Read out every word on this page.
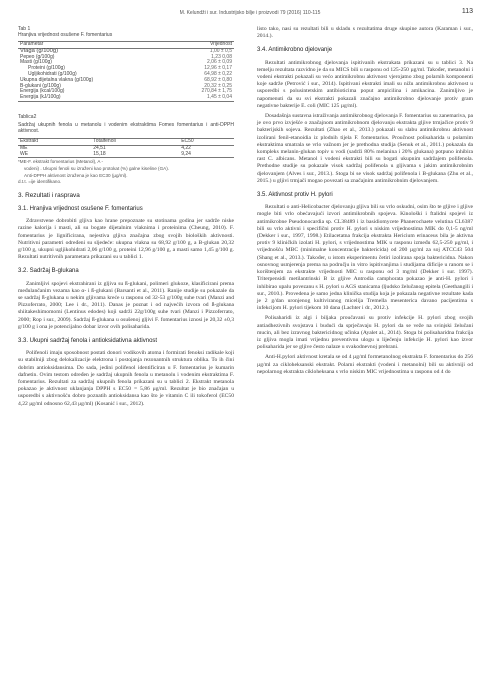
M. Kelundži i sur. Industrijsko bilje i proizvodi 79 (2016) 110-115	113

Tab 1

Hranjiva vrijednost osušene F. fomentarius

Parametar	Vrijednost
Vlaga (g/100g)	1,00 ± 0,5
Pepeo (g/100g)	1,23 0,08
Masti (g/100g)	2,06 ± 0,09
Proteini (g/100g)	12,96 ± 0,17
Ugljikohidrati (g/100g)	64,98 ± 0,22
Ukupna dijetalna vlakna (g/100g)	68,92 ± 0,80
B-glukani (g/100g)	20,32 ± 0,25
Energija (kcal/100g)	270,84 ± 1,75
Energija (kJ/100g)	1,45 ± 0,04

Tablica2

Sadržaj ukupnih fenola u metanolu i vodenim ekstraktima Fomes fomentarius i anti-DPPH aktivnost.

Ekstrakt	Totalfenoli	EC50
ME	24,51	4,22
WE	15,18	9,24

*ME-F. ekstrakt fomentarius (Metanol), A -

vodeni) . Ukupni fenoli su izraženi kao protokat (%) galne kiseline (GA).

Anti-DPPH aktivnost izražena je kao EC30 (µg/ml).

d.t.t. =ije identifikano.

3. Rezultati i rasprava
3.1. Hranjiva vrijednost osušene F. fomentarius

Zdravstvene dobrobiti gljiva kao hrane prepoznate su stotinama godina jer sadrže niske razine kalorija i masti, ali su bogate dijetalnim vlaknima i proteinima (Cheung, 2010). F. fomentarius je lignificirana, nejestiva gljiva značajna zbog svojih bioloških aktivnosti. Nutritivni parametri određeni su sljedeće: ukupna vlakna su 68,92 g/100 g, a B-glukan 20,32 g/100 g, ukupni ugljikohidrati 2,06 g/100 g, proteini 12,96 g/100 g, a masti samo 1,45 g/100 g. Rezultati nutritivnih parametara prikazani su u tablici 1.

3.2. Sadržaj B-glukana

Zanimljivi spojevi ekstrahirani iz gljiva su ß-glukani, polimeri glukoze, klasificirani prema međulančanim vezama kao α- i ß-glukani (Barsanti et al., 2011). Ranije studije su pokazale da se sadržaj ß-glukana u nekim gljivama kreće u rasponu od 32-53 g/100g suhe tvari (Manzi and Pizzoferrato, 2000; Lee i dr., 2011). Danas je poznat i od najvećih izvora od ß-glukana shiitakeshimomomi (Lentinus edodes) koji sadrži 22g/100g suhe tvari (Manzi i Pizzoferrato, 2000; Rop i sur., 2009). Sadržaj ß-glukana u osušenoj gljivi F. fomentarius iznosi je 20,32 ±0,3 g/100 g i ona je potencijalno dobar izvor ovih polisaharida.

3.3. Ukupni sadržaj fenola i antioksidativna aktivnost

Polifenoli imaju sposobnost postati donori vodikovih atoma i formirati fenoksi radikale koji su stabilniji zbog delokalizacije elektrona i postojanja rezonantnih struktura oblika. To ih čini dobrim antioksidansima. Do sada, jedini polifenol identificiran u F. fomentarius je kumarin dafnetin. Ovim testom određen je sadržaj ukupnih fenola u metanolu i vodenim ekstraktima F. fomentarius. Rezultati za sadržaj ukupnih fenola prikazani su u tablici 2. Ekstrakt metanola pokazao je aktivnost uklanjanja DPPH s EC50 = 5,86 μg/ml. Rezultat je bio značajan u usporedbi s aktivnošću dobro poznatih antioksidansa kao što je vitamin C ili tokoferol (EC50 4,22 μg/ml odnosno 62,43 μg/ml) (Kosanić i sur., 2012).

listo tako, nasi su rezultati bili u skladu s rezultatima druge skupine autora (Karaman i sur., 2014.).

3.4. Antimikrobno djelovanje

Rezultati antimikrobnog djelovanja ispitivanih ekstrakata prikazani su u tablici 3. Na temelju rezultata razvidno je da su MICS bili u rasponu od 125-250 µg/ml. Također, metanolni i vodeni ekstrakti pokazali su većo antimikrobnu aktivnost vjerojatno zbog polarnih komponenti koje sadrže (Petrović i sur., 2014). Ispitivani ekstrakti imali su nižu antimikrobnu aktivnost u usporedbi s polusintetskim antibioticima poput ampicilina i amikacina. Zanimljivo je napomenuti da su svi ekstrakti pokazali značajno antimikrobno djelovanje protiv gram negativne bakterije E. coli (MIC 125 µg/ml).

Dosadašnja sustavna istraživanja antimikrobnog djelovanja F. fomentarius su zanemarivа, pa je ovo prvo izvješće o značajnom antimikrobnom djelovanju ekstrakta gljive trmjačice protiv 9 bakterijskih sojeva. Rezultati (Zhao et al., 2013.) pokazali su slabu antimikrobnu aktivnost izolirani fenil-etanoidia iz plodnih tijela F. fomentarius. Proučnost polisaharida u polarnim ekstraktima smatrala se vrlo važnom jer je prethodna studija (Senuk et al., 2011.) pokazala da kompleks melanin-glukan topiv u vodi (sadrži 80% melanina i 20% glukana) potpuno inhibira rast C. albicans. Metanol i vodeni ekstrakti bili su bogati ukupnim sadržajem polifenola. Prethodne studije su pokazale visok sadržaj polifenola u gljivama s jakim antimikrobnim djelovanjem (Alves i sur., 2013.). Stoga bi se visok sadržaj polifenola i B-glukana (Zhu et al., 2015.) u gljivi trmjači mogao povezati sa značajnim antimikrobnim djelovanjem.

3.5. Aktivnost protiv H. pylori

Rezultati o anti-Helicobacter djelovanju gljiva bili su vrlo oskudni, osim što te gljive i gljive mogle biti vrlo obećavajući izvori antimikrobnih spojeva. Kinološki i ftalidni spojevi iz antimikrobne Pseudonocardia sp. CL38489 i iz basidiomycete Phanerochaete velutina CL6387 bili su vrlo aktivni i specifični protiv H. pylori s niskim vrijednostima MIK do 0,1-5 ng/ml (Dekker i sur., 1997, 1998.) Etilacetatna frakcija ekstrakta Hericium erinaceus bila je aktivna protiv 9 kliničkih izolati H. pylori, s vrijednostima MIK u rasponu između 62,5-250 µg/ml, i vrijednošću MBC (minimalne koncentracije baktericida) od 200 µg/ml za soj ATCC43 504 (Shang et al., 2013.). Također, u istom eksperimentu četiri izolirana spoja baktericidna. Nakon osnovnog usmjerenja prema na području in vitro ispitivanjima i studijama dificije u ranom se i korištenjem za ekstrakte vrijednosti MIC u rasponu od 3 mg/ml (Dekker i sur. 1997). Triterpensidi metilantrinski B iz gljive Antrodia camphorata pokazao je anti-H. pylori i inhibirao upalu povezanu s H. pylori u AGS stanicama (ljudsko želučanog epitela (Geethangili i sur., 2010.). Provedena je samo jedna klinička studija koja je pokazala negativne rezultate kada je 2 g/dan uronjenog kultiviranog micelija Tremella mesenterica davano pacijentima s infekcijom H. pylori tijekom 10 dana (Lachter i dr., 2012.).

Polisaharidi iz algi i biljaka proučavani su protiv infekcije H. pylori zbog svojih antiadhezivnih svojstava i budući da sprječavaju H. pylori da se veže na svinjski želučani mucin, ali bez izravnog baktericidnog učinka (Ayalet al., 2014). Stoga bi polisaharidna frakcija iz gljiva mogla imati vrijednu preventivnu ulogu u liječenju infekcije H. pylori kao izvor polisaharida jer se gljive često nalaze u svakodnevnoj prehrani.

Anti-H.pylori aktivnost kretala se od 4 µg/ml formetanolnog ekstrakta F. fomentarius do 256 µg/ml za cikloheksanski ekstrakt. Polarni ekstrakti (vodeni i metanolni) bili su aktivniji od nepolarnog ekstrakta cikloheksana s vrlo niskim MIC vrijednostima u rasponu od 4 do
